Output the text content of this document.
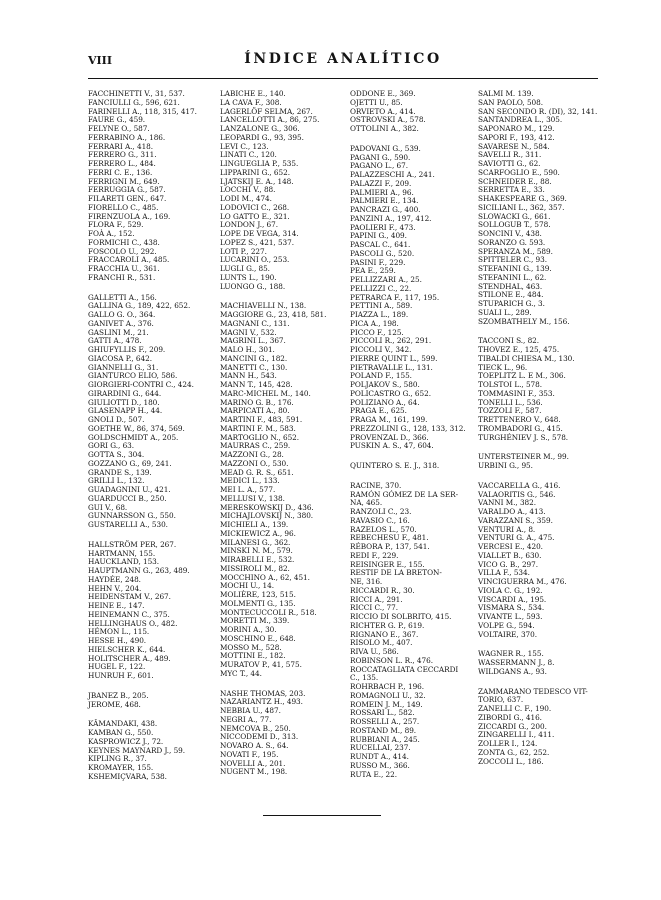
VIII	ÍNDICE ANALÍTICO
FACCHINETTI V., 31, 537.
FANCIULLI G., 596, 621.
FARINELLI A., 118, 315, 417.
FAURE G., 459.
FELYNE O., 587.
FERRABINO A., 186.
FERRARI A., 418.
FERRERO G., 311.
FERRERO L., 484.
FERRI C. E., 136.
FERRIGNI M., 649.
FERRUGGIA G., 587.
FILARETI GEN., 647.
FIORELLO C., 485.
FIRENZUOLA A., 169.
FLORA F., 529.
FOÀ A., 152.
FORMICHI C., 438.
FOSCOLO U., 292.
FRACCAROLI A., 485.
FRACCHIA U., 361.
FRANCHI R., 531.
GALLETTI A., 156.
GALLINA G., 189, 422, 652.
GALLO G. O., 364.
GANIVET A., 376.
GASLINI M., 21.
GATTI A., 478.
GHIUFYLLIS F., 209.
GIACOSA P., 642.
GIANNELLI G., 31.
GIANTURCO ELIO, 586.
GIORGIERI-CONTRI C., 424.
GIRARDINI G., 644.
GIULIOTTI D., 180.
GLASENAPP H., 44.
GNOLI D., 507.
GOETHE W., 86, 374, 569.
GOLDSCHMIDT A., 205.
GORI G., 63.
GOTTA S., 304.
GOZZANO G., 69, 241.
GRANDE S., 139.
GRILLI L., 132.
GUADAGNINI U., 421.
GUARDUCCI B., 250.
GUI V., 68.
GUNNARSSON G., 550.
GUSTARELLI A., 530.
HALLSTRÖM PER, 267.
HARTMANN, 155.
HAUCKLAND, 153.
HAUPTMANN G., 263, 489.
HAYDÉE, 248.
HEHN V., 204.
HEIDENSTAM V., 267.
HEINE E., 147.
HEINEMANN C., 375.
HELLINGHAUS O., 482.
HÉMON L., 115.
HESSE H., 490.
HIELSCHER K., 644.
HOLITSCHER A., 489.
HUGEL F., 122.
HUNRUH F., 601.
JBANEZ B., 205.
JEROME, 468.
KÂMANDAKI, 438.
KAMBAN G., 550.
KASPROWICZ J., 72.
KEYNES MAYNARD J., 59.
KIPLING R., 37.
KROMAYER, 155.
KSHEMIÇVARA, 538.
LABICHE E., 140.
LA CAVA F., 308.
LAGERLÖF SELMA, 267.
LANCELLOTTI A., 86, 275.
LANZALONE G., 306.
LEOPARDI G., 93, 395.
LEVI C., 123.
LINATI C., 120.
LINGUEGLIA P., 535.
LIPPARINI G., 652.
LJATSKIJ E. A., 148.
LOCCHI V., 88.
LODI M., 474.
LODOVICI C., 268.
LO GATTO E., 321.
LONDON J., 67.
LOPE DE VEGA, 314.
LOPEZ S., 421, 537.
LOTI P., 227.
LUCARINI O., 253.
LUGLI G., 85.
LUNTS L., 190.
LUONGO G., 188.
MACHIAVELLI N., 138.
MAGGIORE G., 23, 418, 581.
MAGNANI C., 131.
MAGNI V., 532.
MAGRINI L., 367.
MALO H., 301.
MANCINI G., 182.
MANETTI C., 130.
MANN H., 543.
MANN T., 145, 428.
MARC-MICHEL M., 140.
MARINO G. B., 176.
MARPICATI A., 80.
MARTINI F., 483, 591.
MARTINI F. M., 583.
MARTOGLIO N., 652.
MAURRAS C., 259.
MAZZONI G., 28.
MAZZONI O., 530.
MEAD G. R. S., 651.
MEDICI L., 133.
MEI L. A., 577.
MELLUSI V., 138.
MERESKOWSKIJ D., 436.
MICHAJLOVSKIJ N., 380.
MICHIELI A., 139.
MICKIEWICZ A., 96.
MILANESI G., 362.
MINSKI N. M., 579.
MIRABELLI E., 532.
MISSIROLI M., 82.
MOCCHINO A., 62, 451.
MOCHI U., 14.
MOLIÈRE, 123, 515.
MOLMENTI G., 135.
MONTECUCCOLI R., 518.
MORETTI M., 339.
MORINI A., 30.
MOSCHINO E., 648.
MOSSO M., 528.
MOTTINI E., 182.
MURATOV P., 41, 575.
MYC T., 44.
NASHE THOMAS, 203.
NAZARIANTZ H., 493.
NEBBIA U., 487.
NEGRI A., 77.
NEMCOVA B., 250.
NICCODEMI D., 313.
NOVARO A. S., 64.
NOVATI F., 195.
NOVELLI A., 201.
NUGENT M., 198.
ODDONE E., 369.
OJETTI U., 85.
ORVIETO A., 414.
OSTROVSKI A., 578.
OTTOLINI A., 382.
PADOVANI G., 539.
PAGANI G., 590.
PAGANO L., 67.
PALAZZESCHI A., 241.
PALAZZI F., 209.
PALMIERI A., 96.
PALMIERI E., 134.
PANCRAZI G., 400.
PANZINI A., 197, 412.
PAOLIERI F., 473.
PAPINI G., 409.
PASCAL C., 641.
PASCOLI G., 520.
PASINI F., 229.
PEA E., 259.
PELLIZZARI A., 25.
PELLIZZI C., 22.
PETRARCA F., 117, 195.
PETTINI A., 589.
PIAZZA L., 189.
PICA A., 198.
PICCO F., 125.
PICCOLI R., 262, 291.
PICCOLI V., 342.
PIERRE QUINT L., 599.
PIETRAVALLE L., 131.
POLAND F., 155.
POLJAKOV S., 580.
POLICASTRO G., 652.
POLIZIANO A., 64.
PRAGA E., 625.
PRAGA M., 161, 199.
PREZZOLINI G., 128, 133, 312.
PROVENZAL D., 366.
PUSKIN A. S., 47, 604.
QUINTERO S. E. J., 318.
RACINE, 370.
RAMÓN GÓMEZ DE LA SER-
NA, 465.
RANZOLI C., 23.
RAVASIO C., 16.
RAZELOS L., 570.
REBECHESU F., 481.
RÉBORA P., 137, 541.
REDI F., 229.
REISINGER E., 155.
RESTIF DE LA BRETON-
NE, 316.
RICCARDI R., 30.
RICCI A., 291.
RICCI C., 77.
RICCIO DI SOLBRITO, 415.
RICHTER G. P., 619.
RIGNANO E., 367.
RISOLO M., 407.
RIVA U., 586.
ROBINSON L. R., 476.
ROCCATAGLIATA CECCARDI
C., 135.
ROHRBACH P., 196.
ROMAGNOLI U., 32.
ROMEIN J. M., 149.
ROSSARI L., 582.
ROSSELLI A., 257.
ROSTAND M., 89.
RUBBIANI A., 245.
RUCELLAI, 237.
RUNDT A., 414.
RUSSO M., 366.
RUTA E., 22.
SALMI M. 139.
SAN PAOLO, 508.
SAN SECONDO R. (DI), 32, 141.
SANTANDREA L., 305.
SAPONARO M., 129.
SAPORI F., 193, 412.
SAVARESE N., 584.
SAVELLI R., 311.
SAVIOTTI G., 62.
SCARFOGLIO E., 590.
SCHNEIDER E., 88.
SERRETTA E., 33.
SHAKESPEARE G., 369.
SICILIANI L., 362, 357.
SLOWACKI G., 661.
SOLLOGUB T., 578.
SONCINI V., 438.
SORANZO G. 593.
SPERANZA M., 589.
SPITTELER C., 93.
STEFANINI G., 139.
STEFANINI L., 62.
STENDHAL, 463.
STILONE E., 484.
STUPARICH G., 3.
SUALI L., 289.
SZOMBATHELY M., 156.
TACCONI S., 82.
THOVEZ E., 125, 475.
TIBALDI CHIESA M., 130.
TIECK L., 96.
TOEPLITZ L. E M., 306.
TOLSTOI L., 578.
TOMMASINI F., 353.
TONELLI L., 536.
TOZZOLI F., 587.
TRETTENERO V., 648.
TROMBADORI G., 415.
TURGHÉNIEV J. S., 578.
UNTERSTEINER M., 99.
URBINI G., 95.
VACCARELLA G., 416.
VALAORITIS G., 546.
VANNI M., 382.
VARALDO A., 413.
VARAZZANI S., 359.
VENTURI A., 8.
VENTURI G. A., 475.
VERCESI E., 420.
VIALLET B., 630.
VICO G. B., 297.
VILLA F., 534.
VINCIGUERRA M., 476.
VIOLA C. G., 192.
VISCARDI A., 195.
VISMARA S., 534.
VIVANTE L., 593.
VOLPE G., 594.
VOLTAIRE, 370.
WAGNER R., 155.
WASSERMANN J., 8.
WILDGANS A., 93.
ZAMMARANO TEDESCO VIT-
TORIO, 637.
ZANELLI C. F., 190.
ZIBORDI G., 416.
ZICCARDI G., 200.
ZINGARELLI I., 411.
ZOLLER I., 124.
ZONTA G., 62, 252.
ZOCCOLI L., 186.
